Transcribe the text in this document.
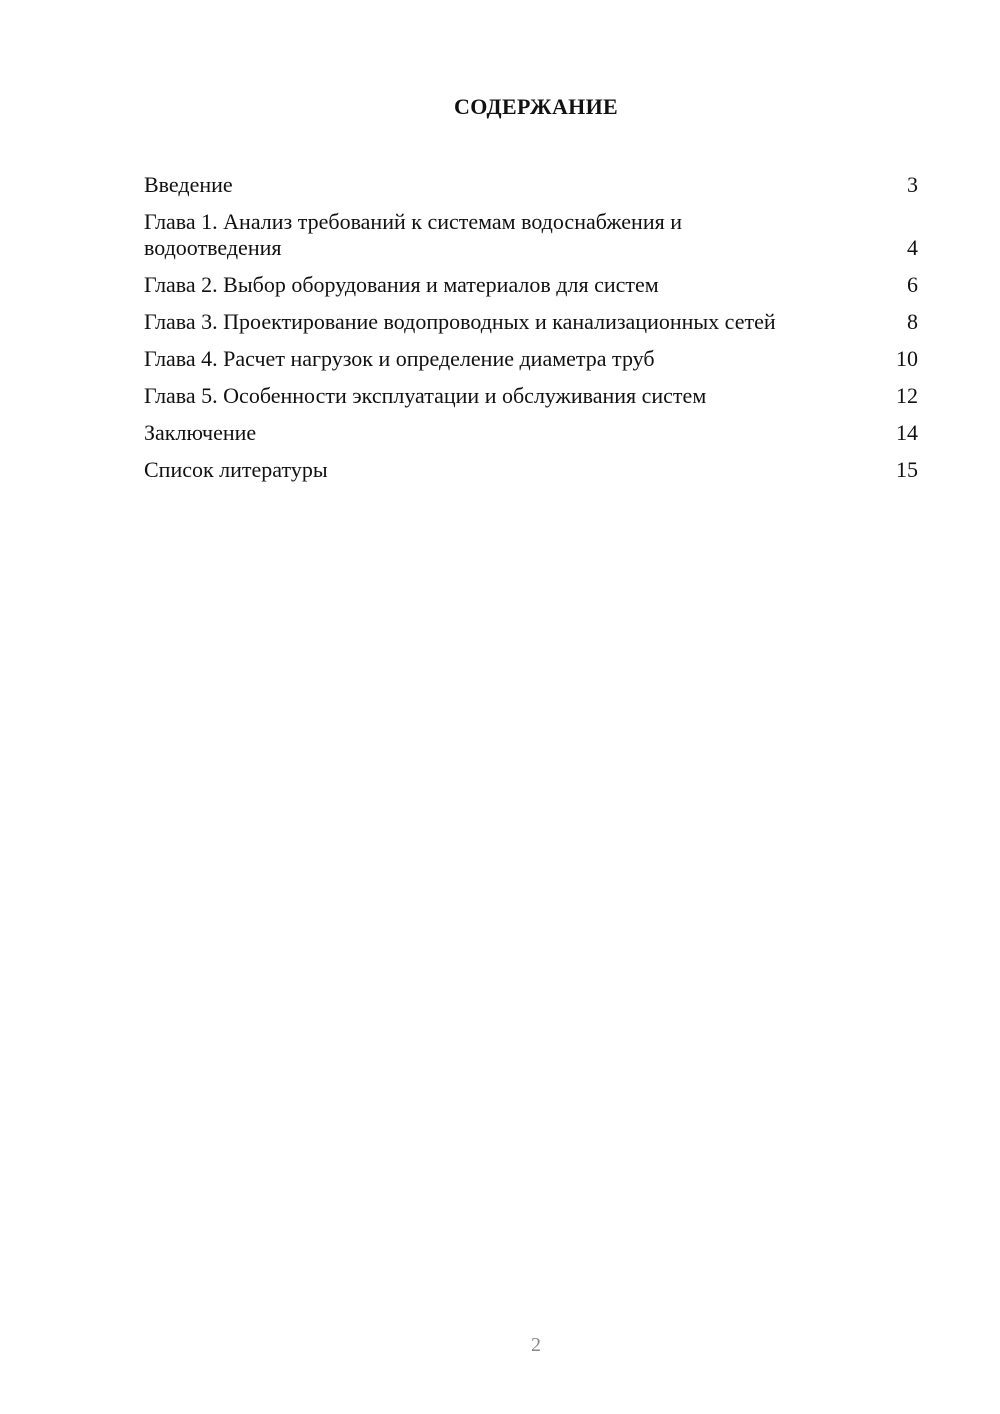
СОДЕРЖАНИЕ
Введение	3
Глава 1. Анализ требований к системам водоснабжения и водоотведения	4
Глава 2. Выбор оборудования и материалов для систем	6
Глава 3. Проектирование водопроводных и канализационных сетей	8
Глава 4. Расчет нагрузок и определение диаметра труб	10
Глава 5. Особенности эксплуатации и обслуживания систем	12
Заключение	14
Список литературы	15
2
